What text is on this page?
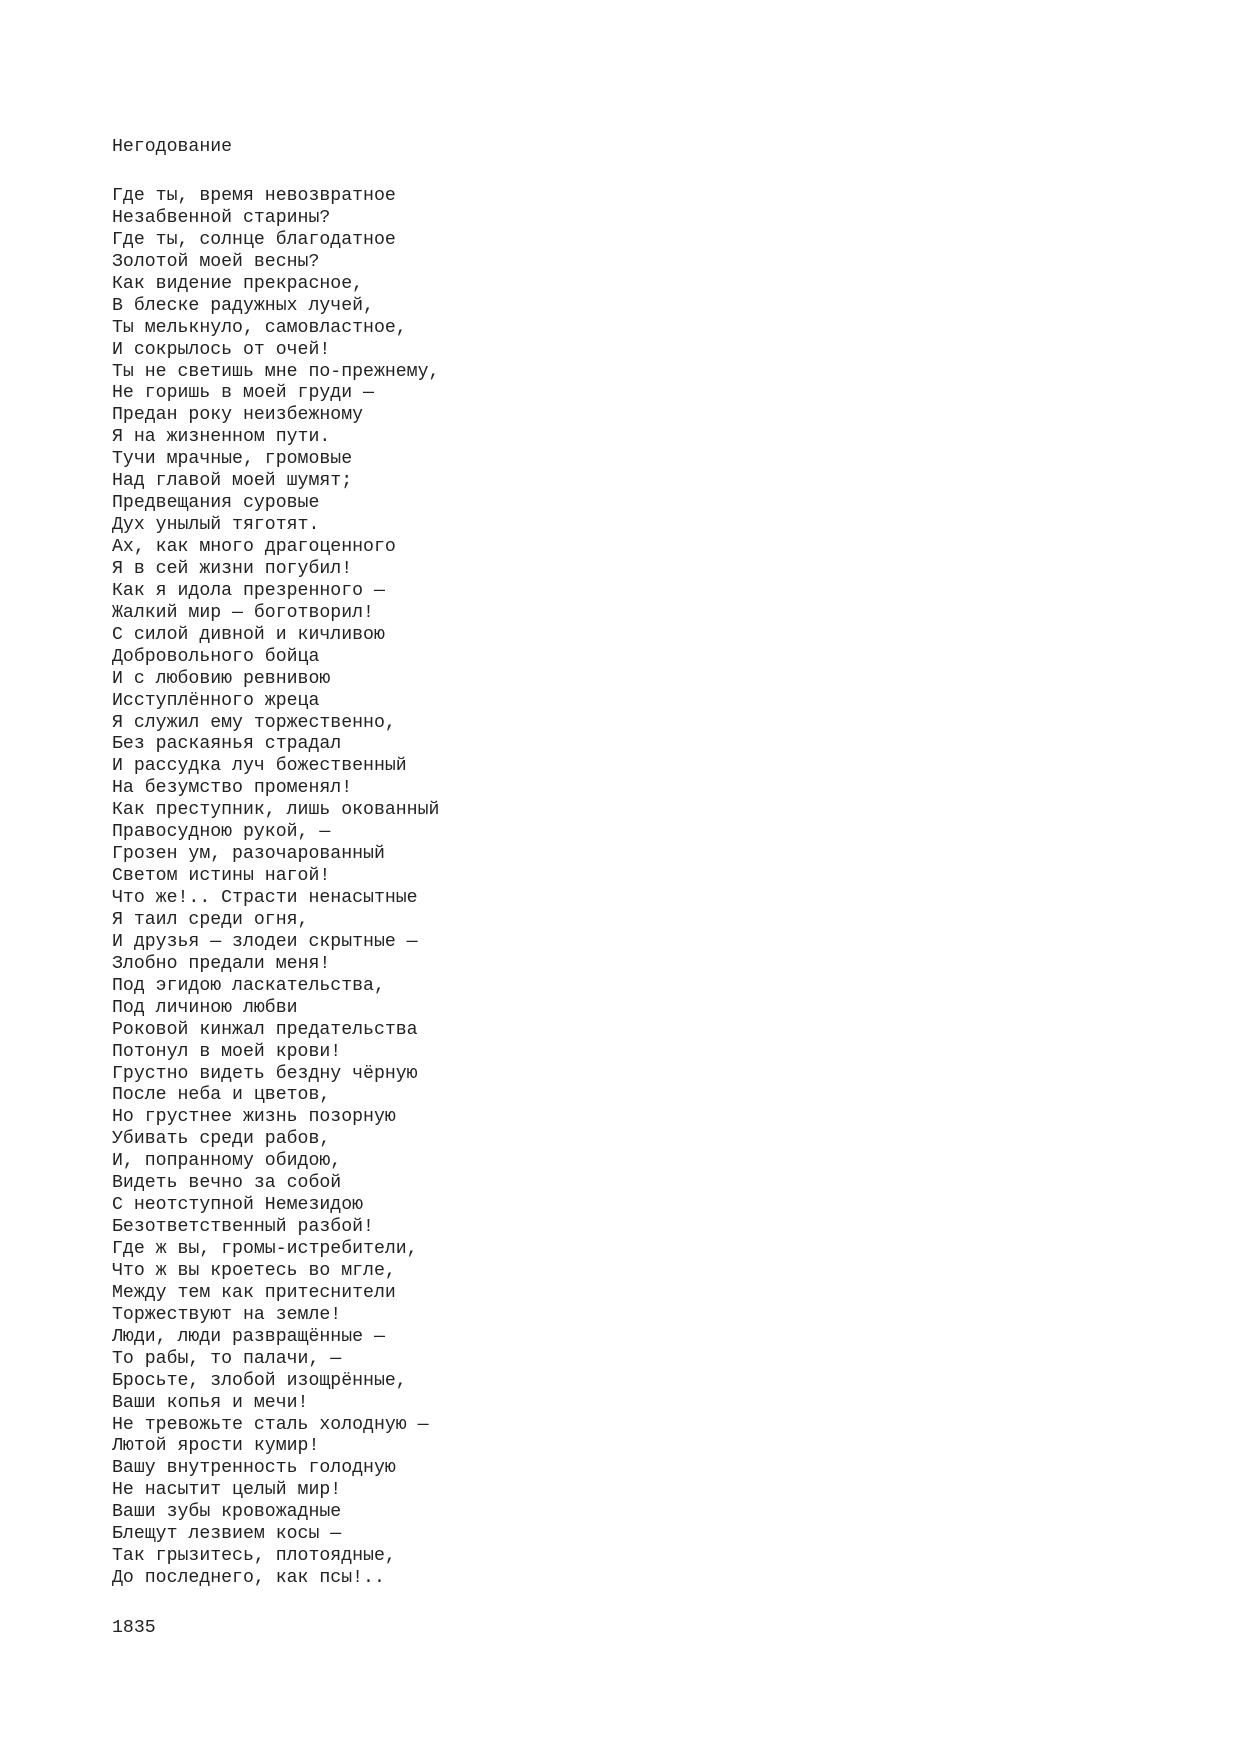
Негодование
Где ты, время невозвратное
Незабвенной старины?
Где ты, солнце благодатное
Золотой моей весны?
Как видение прекрасное,
В блеске радужных лучей,
Ты мелькнуло, самовластное,
И сокрылось от очей!
Ты не светишь мне по-прежнему,
Не горишь в моей груди —
Предан року неизбежному
Я на жизненном пути.
Тучи мрачные, громовые
Над главой моей шумят;
Предвещания суровые
Дух унылый тяготят.
Ах, как много драгоценного
Я в сей жизни погубил!
Как я идола презренного —
Жалкий мир — боготворил!
С силой дивной и кичливою
Добровольного бойца
И с любовию ревнивою
Исступлённого жреца
Я служил ему торжественно,
Без раскаянья страдал
И рассудка луч божественный
На безумство променял!
Как преступник, лишь окованный
Правосудною рукой, —
Грозен ум, разочарованный
Светом истины нагой!
Что же!.. Страсти ненасытные
Я таил среди огня,
И друзья — злодеи скрытные —
Злобно предали меня!
Под эгидою ласкательства,
Под личиною любви
Роковой кинжал предательства
Потонул в моей крови!
Грустно видеть бездну чёрную
После неба и цветов,
Но грустнее жизнь позорную
Убивать среди рабов,
И, попранному обидою,
Видеть вечно за собой
С неотступной Немезидою
Безответственный разбой!
Где ж вы, громы-истребители,
Что ж вы кроетесь во мгле,
Между тем как притеснители
Торжествуют на земле!
Люди, люди развращённые —
То рабы, то палачи, —
Бросьте, злобой изощрённые,
Ваши копья и мечи!
Не тревожьте сталь холодную —
Лютой ярости кумир!
Вашу внутренность голодную
Не насытит целый мир!
Ваши зубы кровожадные
Блещут лезвием косы —
Так грызитесь, плотоядные,
До последнего, как псы!..
1835
